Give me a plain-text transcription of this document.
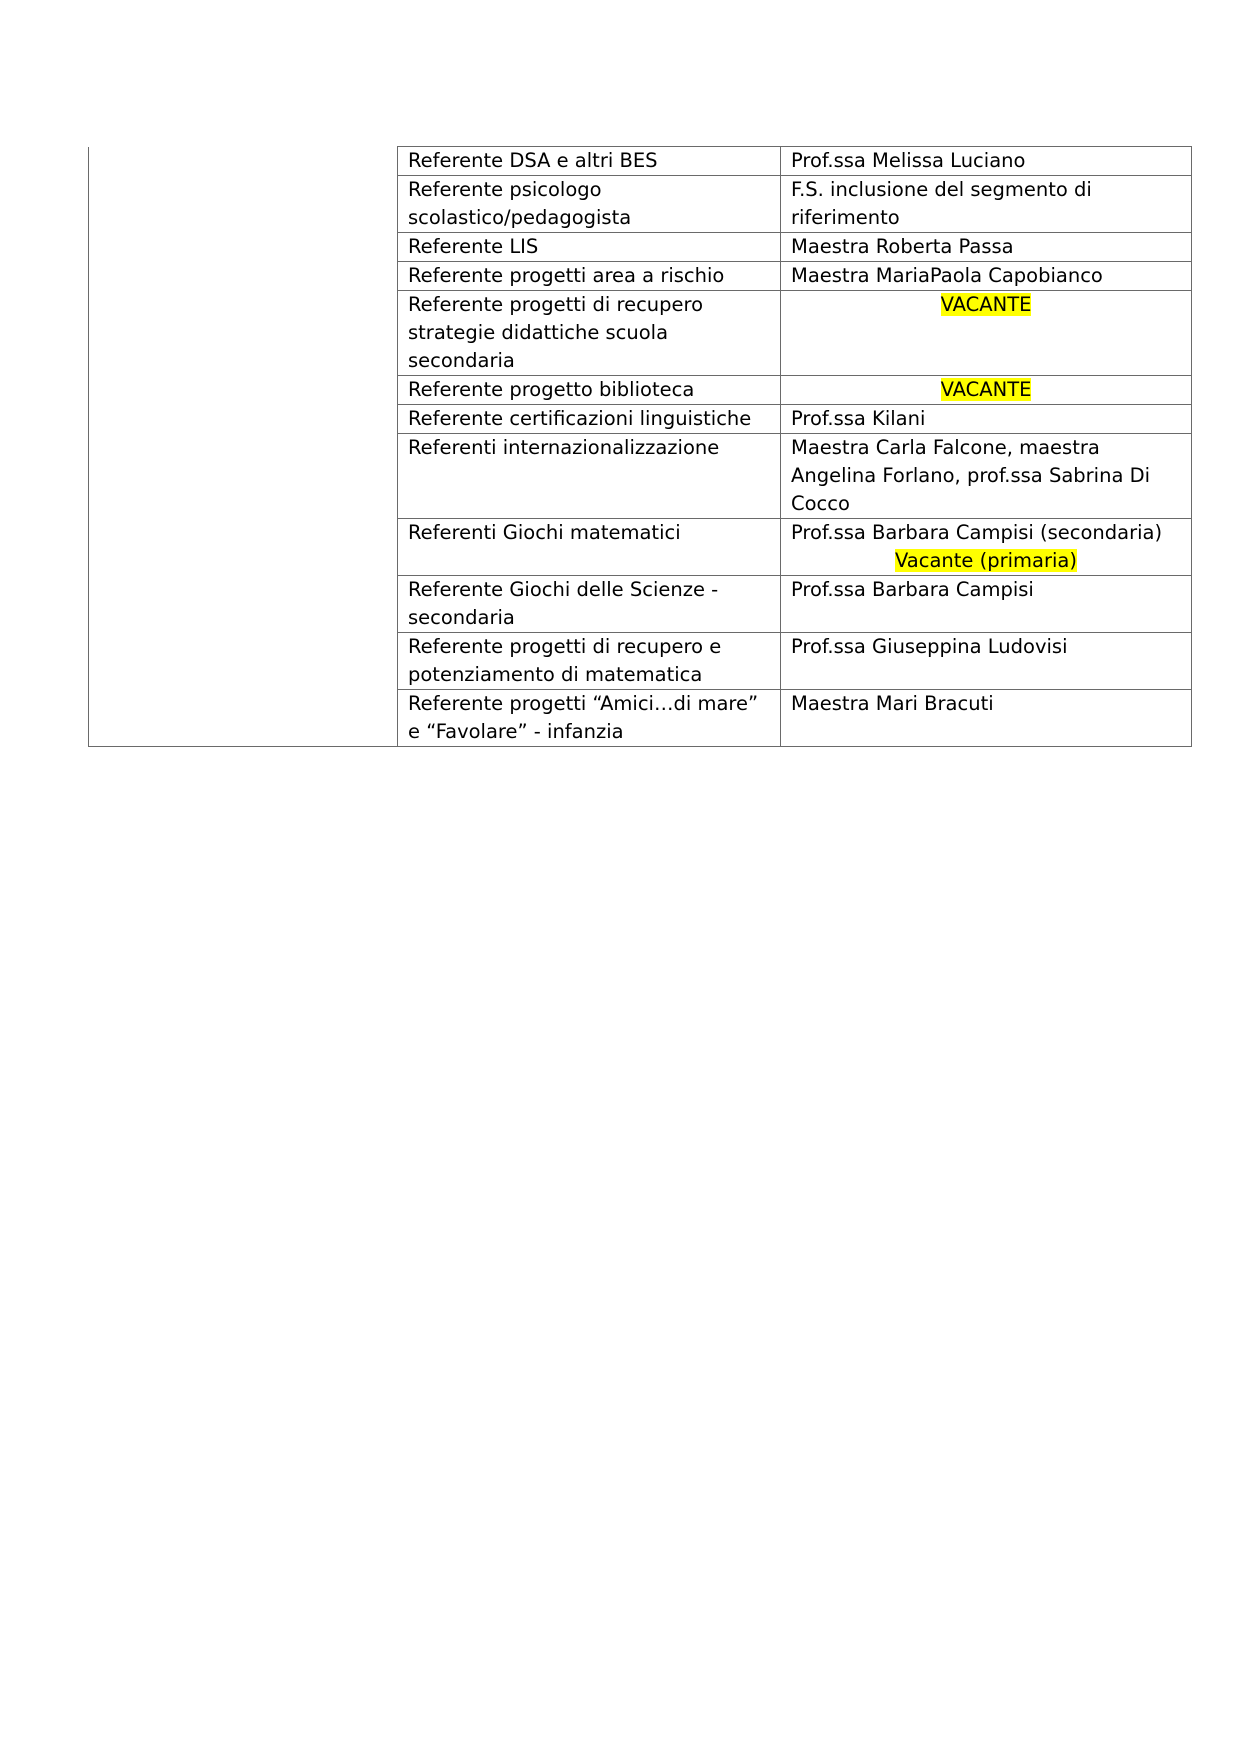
	Referente DSA e altri BES	Prof.ssa Melissa Luciano
	Referente psicologo scolastico/pedagogista	F.S. inclusione del segmento di riferimento
	Referente LIS	Maestra Roberta Passa
	Referente progetti area a rischio	Maestra MariaPaola Capobianco
	Referente progetti di recupero strategie didattiche scuola secondaria	VACANTE
	Referente progetto biblioteca	VACANTE
	Referente certificazioni linguistiche	Prof.ssa Kilani
	Referenti internazionalizzazione	Maestra Carla Falcone, maestra Angelina Forlano, prof.ssa Sabrina Di Cocco
	Referenti Giochi matematici	Prof.ssa Barbara Campisi (secondaria)
Vacante (primaria)

	Referente Giochi delle Scienze - secondaria	Prof.ssa Barbara Campisi
	Referente progetti di recupero e potenziamento di matematica	Prof.ssa Giuseppina Ludovisi
	Referente progetti “Amici…di mare” e “Favolare” - infanzia	Maestra Mari Bracuti
